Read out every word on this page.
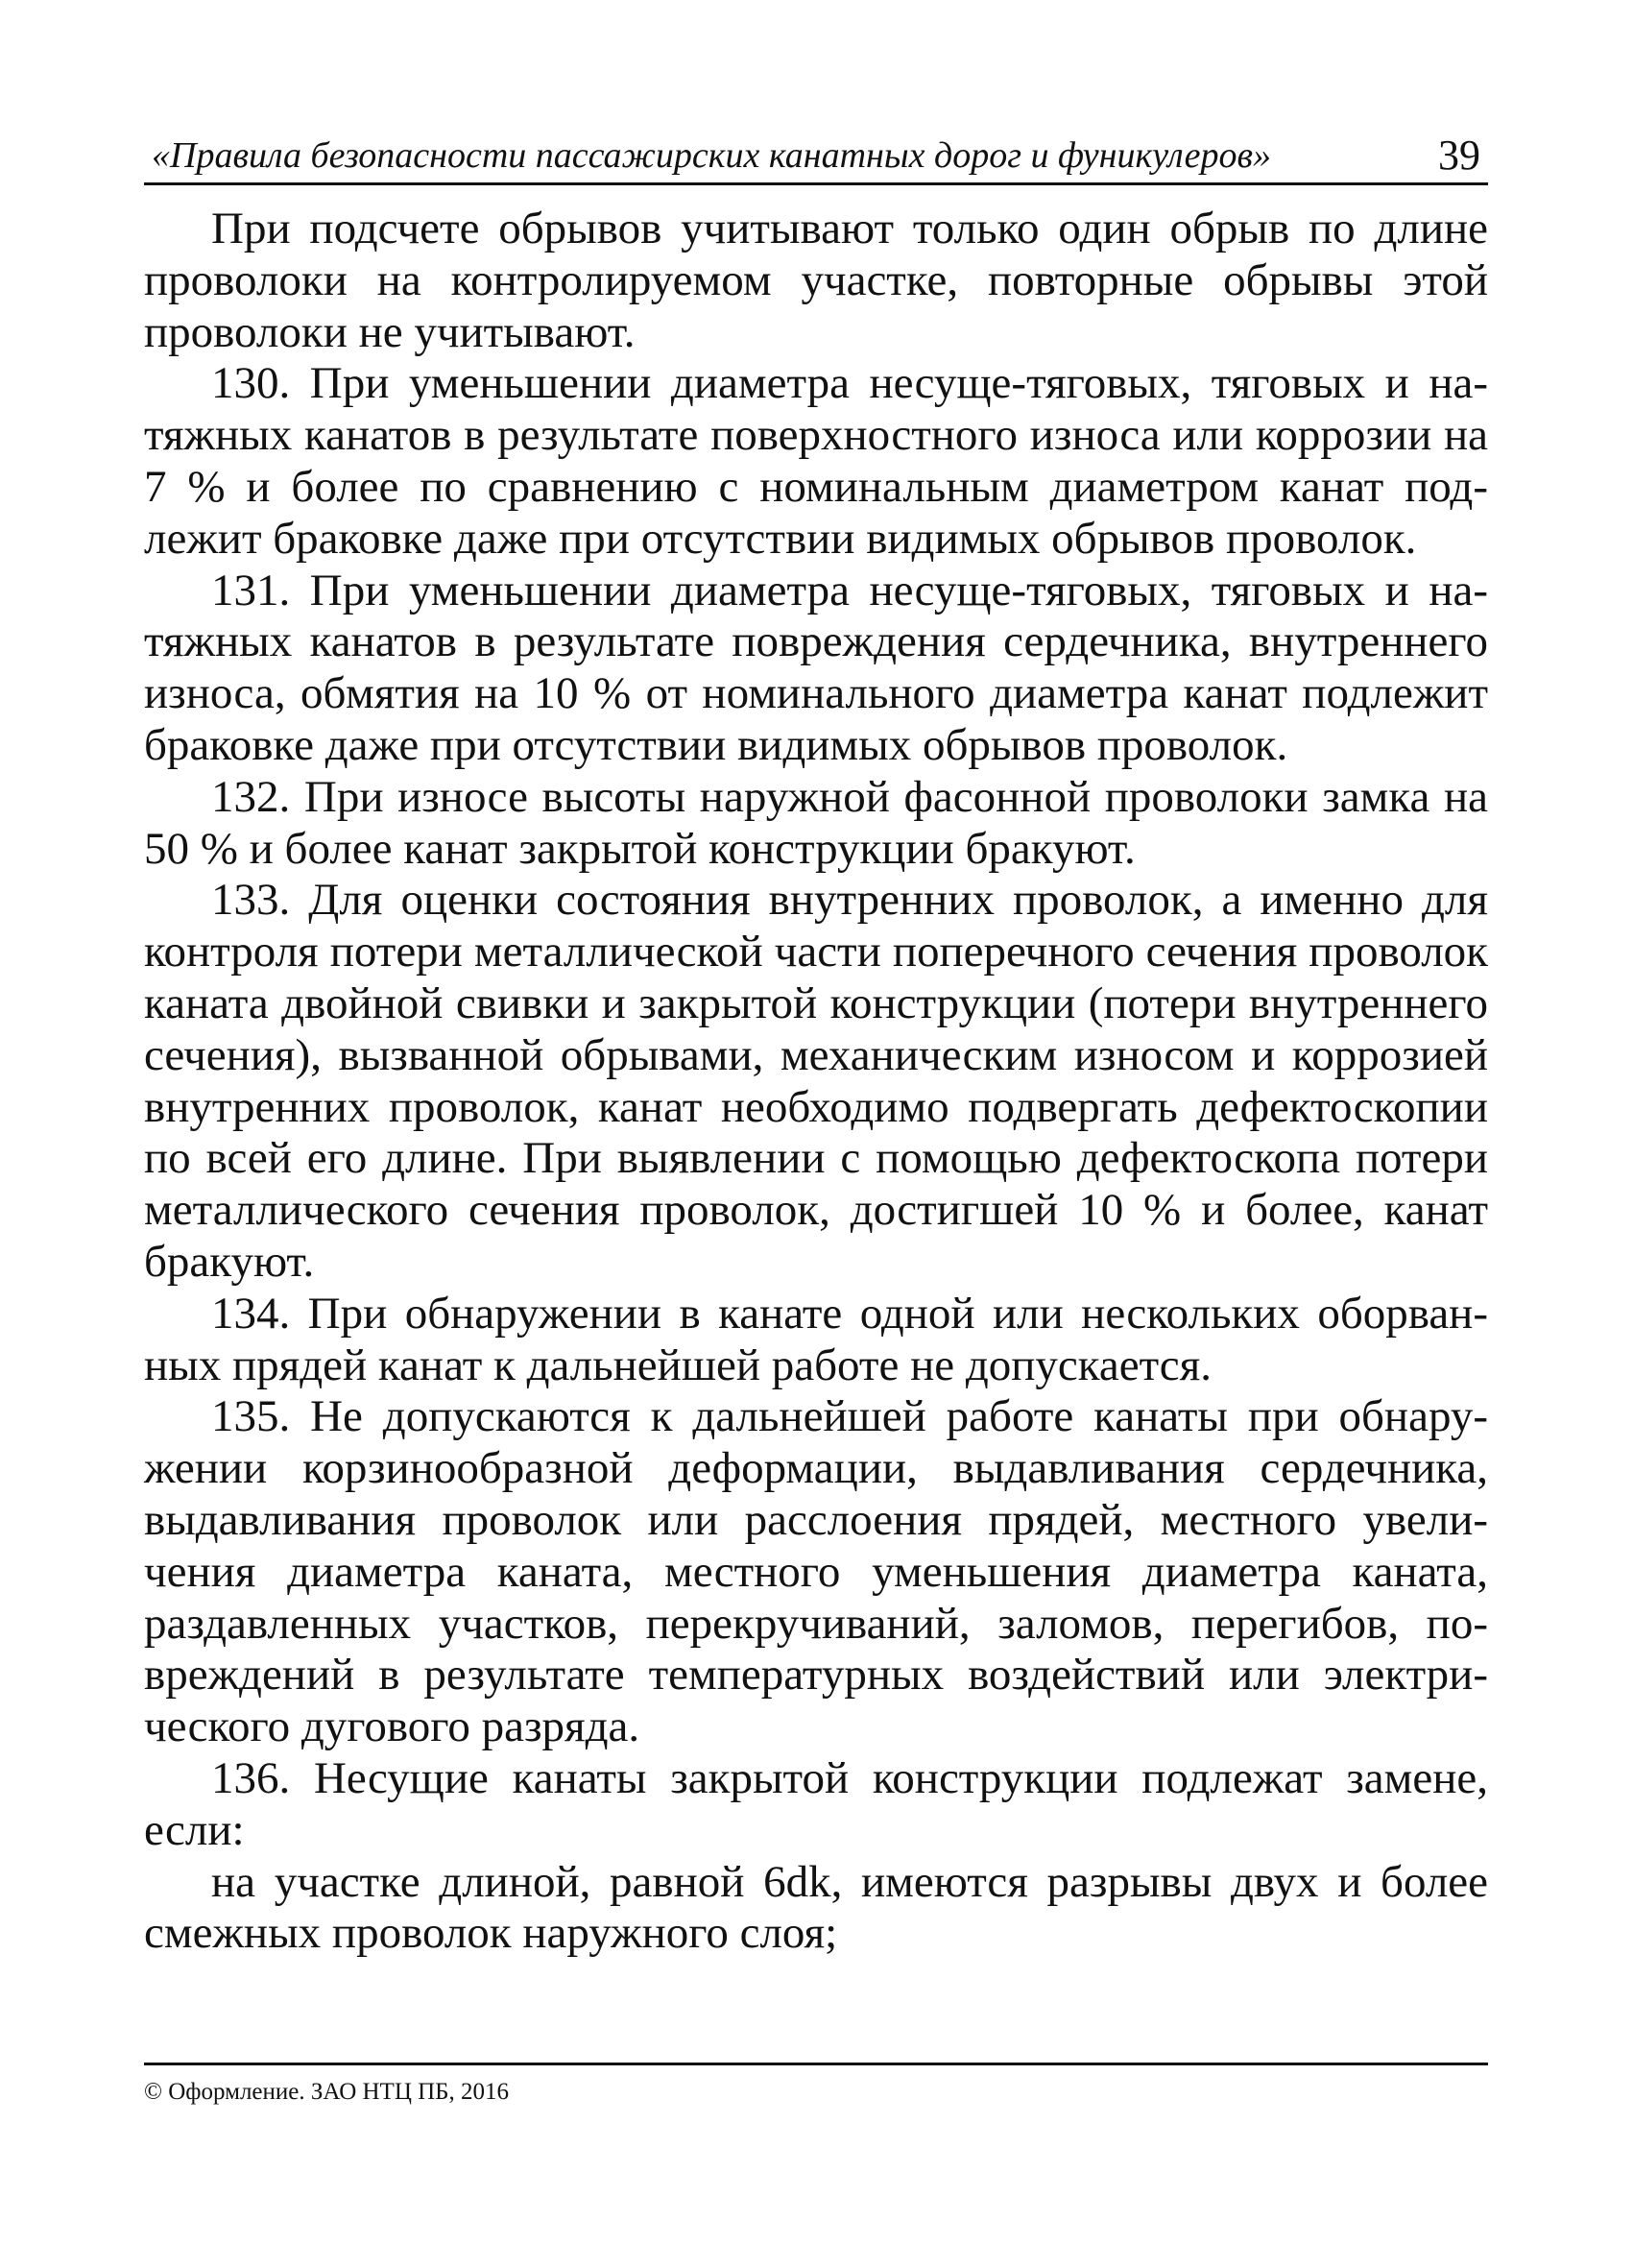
«Правила безопасности пассажирских канатных дорог и фуникулеров»	39

При подсчете обрывов учитывают только один обрыв по длине проволоки на контролируемом участке, повторные обрывы этой проволоки не учитывают.

130. При уменьшении диаметра несуще-тяговых, тяговых и натяжных канатов в результате поверхностного износа или коррозии на 7 % и более по сравнению с номинальным диаметром канат подлежит браковке даже при отсутствии видимых обрывов проволок.

131. При уменьшении диаметра несуще-тяговых, тяговых и натяжных канатов в результате повреждения сердечника, внутреннего износа, обмятия на 10 % от номинального диаметра канат подлежит браковке даже при отсутствии видимых обрывов проволок.

132. При износе высоты наружной фасонной проволоки замка на 50 % и более канат закрытой конструкции бракуют.

133. Для оценки состояния внутренних проволок, а именно для контроля потери металлической части поперечного сечения проволок каната двойной свивки и закрытой конструкции (потери внутреннего сечения), вызванной обрывами, механическим износом и коррозией внутренних проволок, канат необходимо подвергать дефектоскопии по всей его длине. При выявлении с помощью дефектоскопа потери металлического сечения проволок, достигшей 10 % и более, канат бракуют.

134. При обнаружении в канате одной или нескольких оборванных прядей канат к дальнейшей работе не допускается.

135. Не допускаются к дальнейшей работе канаты при обнаружении корзинообразной деформации, выдавливания сердечника, выдавливания проволок или расслоения прядей, местного увеличения диаметра каната, местного уменьшения диаметра каната, раздавленных участков, перекручиваний, заломов, перегибов, повреждений в результате температурных воздействий или электрического дугового разряда.

136. Несущие канаты закрытой конструкции подлежат замене, если:

на участке длиной, равной 6dk, имеются разрывы двух и более смежных проволок наружного слоя;

© Оформление. ЗАО НТЦ ПБ, 2016
